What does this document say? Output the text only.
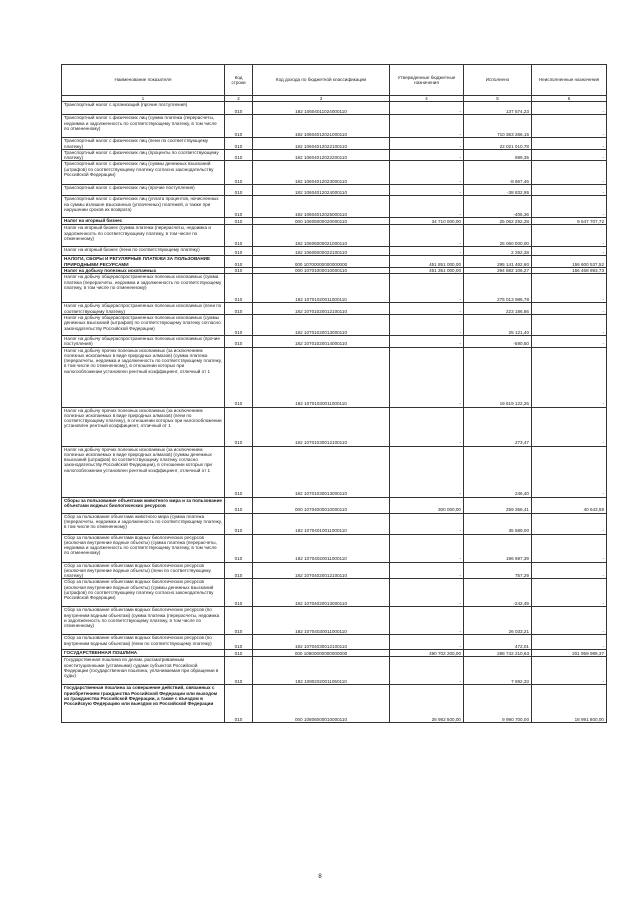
Наименование показателя	Код строки	Код дохода по бюджетной классификации	Утвержденные бюджетные назначения	Исполнено	Неисполненные назначения
1	2	3	4	5	6
Транспортный налог с организаций (прочие поступления)	010	182 10604011024000110	-	137 574,23	-
Транспортный налог с физических лиц (сумма платежа (перерасчеты, недоимка и задолженность по соответствующему платежу, в том числе по отмененному)	010	182 10604012021000110	-	710 363 266,15	-
Транспортный налог с физических лиц (пени по соответствующему платежу)	010	182 10604012022100110	-	22 021 010,78	-
Транспортный налог с физических лиц (проценты по соответствующему платежу)	010	182 10604012022200110	-	699,35	-
Транспортный налог с физических лиц (суммы денежных взысканий (штрафов) по соответствующему платежу согласно законодательству Российской Федерации)	010	182 10604012023000110	-	-8 667,46	-
Транспортный налог с физических лиц (прочие поступления)	010	182 10604012024000110	-	-38 832,95	-
Транспортный налог с физических лиц (уплата процентов, начисленных на суммы излишне взысканных (уплаченных) платежей, а также при нарушении сроков их возврата)	010	182 10604012025000110	-	-405,36	-
Налог на игорный бизнес	010	000 10605000020000110	34 710 000,00	25 062 292,28	9 647 707,72
Налог на игорный бизнес (сумма платежа (перерасчеты, недоимка и задолженность по соответствующему платежу, в том числе по отмененному)	010	182 10605000021000110	-	25 060 000,00	-
Налог на игорный бизнес (пени по соответствующему платежу)	010	182 10605000022100110	-	2 292,28	-
НАЛОГИ, СБОРЫ И РЕГУЛЯРНЫЕ ПЛАТЕЖИ ЗА ПОЛЬЗОВАНИЕ ПРИРОДНЫМИ РЕСУРСАМИ	010	000 10700000000000000	451 851 000,00	295 141 462,60	156 600 537,52
Налог на добычу полезных ископаемых	010	000 10701000010000110	451 351 000,00	294 882 106,27	156 468 893,73
Налог на добычу общераспространенных полезных ископаемых (сумма платежа (перерасчеты, недоимка и задолженность по соответствующему платежу, в том числе по отмененному)	010	182 10701020011000110	-	275 013 986,78	-
Налог на добычу общераспространенных полезных ископаемых (пени по соответствующему платежу)	010	182 10701020012100110	-	223 186,86	-
Налог на добычу общераспространенных полезных ископаемых (суммы денежных взысканий (штрафов) по соответствующему платежу согласно законодательству Российской Федерации)	010	182 10701020013000110	-	25 121,40	-
Налог на добычу общераспространенных полезных ископаемых (прочие поступления)	010	182 10701020014000110	-	-590,50	-
Налог на добычу прочих полезных ископаемых (за исключением полезных ископаемых в виде природных алмазов) (сумма платежа (перерасчеты, недоимка и задолженность по соответствующему платежу, в том числе по отмененному), в отношении которых при налогообложении установлен рентный коэффициент, отличный от 1	010	182 10701030011000110	-	19 619 122,26	-
Налог на добычу прочих полезных ископаемых (за исключением полезных ископаемых в виде природных алмазов) (пени по соответствующему платежу), в отношении которых при налогообложении установлен рентный коэффициент, отличный от 1	010	182 10701030012100110	-	273,47	-
Налог на добычу прочих полезных ископаемых (за исключением полезных ископаемых в виде природных алмазов) (суммы денежных взысканий (штрафов) по соответствующему платежу согласно законодательству Российской Федерации), в отношении которых при налогообложении установлен рентный коэффициент, отличный от 1	010	182 10701030013000110	-	246,40	-
Сборы за пользование объектами животного мира и за пользование объектами водных биологических ресурсов	010	000 10704000010000110	300 000,00	259 356,41	40 643,59
Сбор за пользование объектами животного мира (сумма платежа (перерасчеты, недоимка и задолженность по соответствующему платежу, в том числе по отмененному)	010	182 10704010011000110	-	35 589,00	-
Сбор за пользование объектами водных биологических ресурсов (исключая внутренние водные объекты) (сумма платежа (перерасчеты, недоимка и задолженность по соответствующему платежу, в том числе по отмененному)	010	182 10704020011000110	-	196 697,39	-
Сбор за пользование объектами водных биологических ресурсов (исключая внутренние водные объекты) (пени по соответствующему платежу)	010	182 10704020012100110	-	757,29	-
Сбор за пользование объектами водных биологических ресурсов (исключая внутренние водные объекты) (суммы денежных взысканий (штрафов) по соответствующему платежу согласно законодательству Российской Федерации)	010	182 10704020013000110	-	-242,49	-
Сбор за пользование объектами водных биологических ресурсов (по внутренним водным объектам) (сумма платежа (перерасчеты, недоимка и задолженность по соответствующему платежу, в том числе по отмененному)	010	182 10704030011000110	-	26 033,21	-
Сбор за пользование объектами водных биологических ресурсов (по внутренним водным объектам) (пени по соответствующему платежу)	010	182 10704030012100110	-	472,01	-
ГОСУДАРСТВЕННАЯ ПОШЛИНА	010	000 10800000000000000	490 702 200,00	288 742 210,63	201 959 989,37
Государственная пошлина по делам, рассматриваемым конституционными (уставными) судами субъектов Российской Федерации (государственная пошлина, уплачиваемая при обращении в суды)	010	182 10802020011050110	-	7 692,33	-
Государственная пошлина за совершение действий, связанных с приобретением гражданства Российской Федерации или выходом из гражданства Российской Федерации, а также с въездом в Российскую Федерацию или выездом из Российской Федерации	010	000 10806000010000110	28 982 500,00	9 990 700,00	18 991 800,00
8
